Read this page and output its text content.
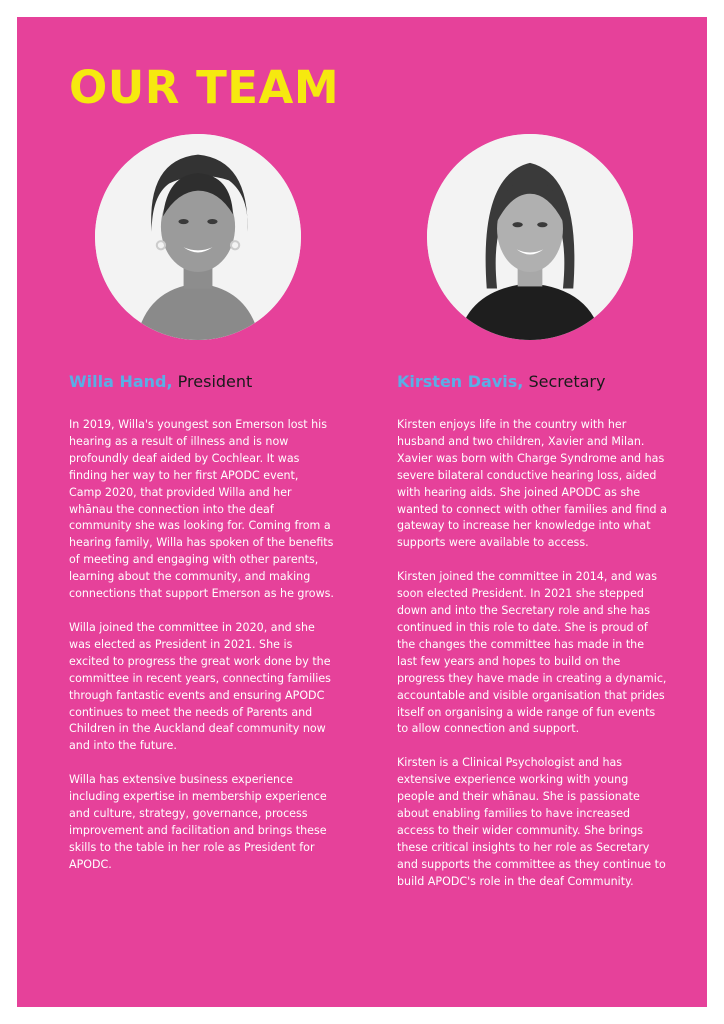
OUR TEAM

Willa Hand, President

In 2019, Willa's youngest son Emerson lost his hearing as a result of illness and is now profoundly deaf aided by Cochlear. It was finding her way to her first APODC event, Camp 2020, that provided Willa and her whānau the connection into the deaf community she was looking for. Coming from a hearing family, Willa has spoken of the benefits of meeting and engaging with other parents, learning about the community, and making connections that support Emerson as he grows.

Willa joined the committee in 2020, and she was elected as President in 2021. She is excited to progress the great work done by the committee in recent years, connecting families through fantastic events and ensuring APODC continues to meet the needs of Parents and Children in the Auckland deaf community now and into the future.

Willa has extensive business experience including expertise in membership experience and culture, strategy, governance, process improvement and facilitation and brings these skills to the table in her role as President for APODC.

Kirsten Davis, Secretary

Kirsten enjoys life in the country with her husband and two children, Xavier and Milan. Xavier was born with Charge Syndrome and has severe bilateral conductive hearing loss, aided with hearing aids. She joined APODC as she wanted to connect with other families and find a gateway to increase her knowledge into what supports were available to access.

Kirsten joined the committee in 2014, and was soon elected President. In 2021 she stepped down and into the Secretary role and she has continued in this role to date. She is proud of the changes the committee has made in the last few years and hopes to build on the progress they have made in creating a dynamic, accountable and visible organisation that prides itself on organising a wide range of fun events to allow connection and support.

Kirsten is a Clinical Psychologist and has extensive experience working with young people and their whānau. She is passionate about enabling families to have increased access to their wider community. She brings these critical insights to her role as Secretary and supports the committee as they continue to build APODC's role in the deaf Community.
